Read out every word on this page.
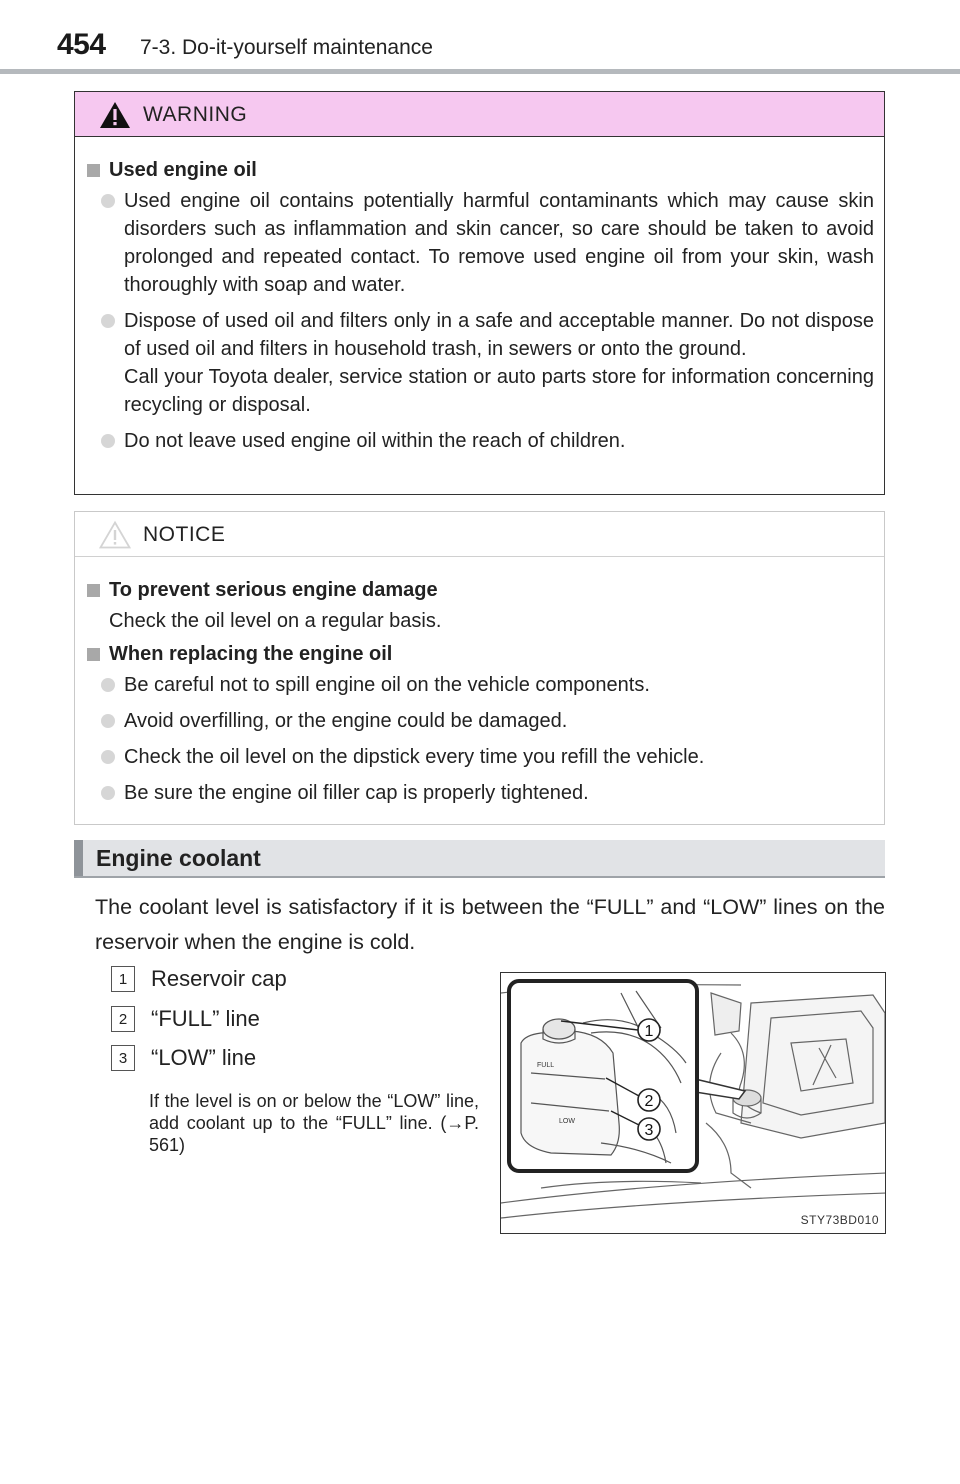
454 7-3. Do-it-yourself maintenance
WARNING
Used engine oil
Used engine oil contains potentially harmful contaminants which may cause skin disorders such as inflammation and skin cancer, so care should be taken to avoid prolonged and repeated contact. To remove used engine oil from your skin, wash thoroughly with soap and water.
Dispose of used oil and filters only in a safe and acceptable manner. Do not dispose of used oil and filters in household trash, in sewers or onto the ground.
Call your Toyota dealer, service station or auto parts store for information concerning recycling or disposal.
Do not leave used engine oil within the reach of children.
NOTICE
To prevent serious engine damage
Check the oil level on a regular basis.
When replacing the engine oil
Be careful not to spill engine oil on the vehicle components.
Avoid overfilling, or the engine could be damaged.
Check the oil level on the dipstick every time you refill the vehicle.
Be sure the engine oil filler cap is properly tightened.
Engine coolant
The coolant level is satisfactory if it is between the “FULL” and “LOW” lines on the reservoir when the engine is cold.
1	Reservoir cap
2	“FULL” line
3	“LOW” line
If the level is on or below the “LOW” line, add coolant up to the “FULL” line. (→P. 561)
FULL
LOW
1
2
3
STY73BD010
